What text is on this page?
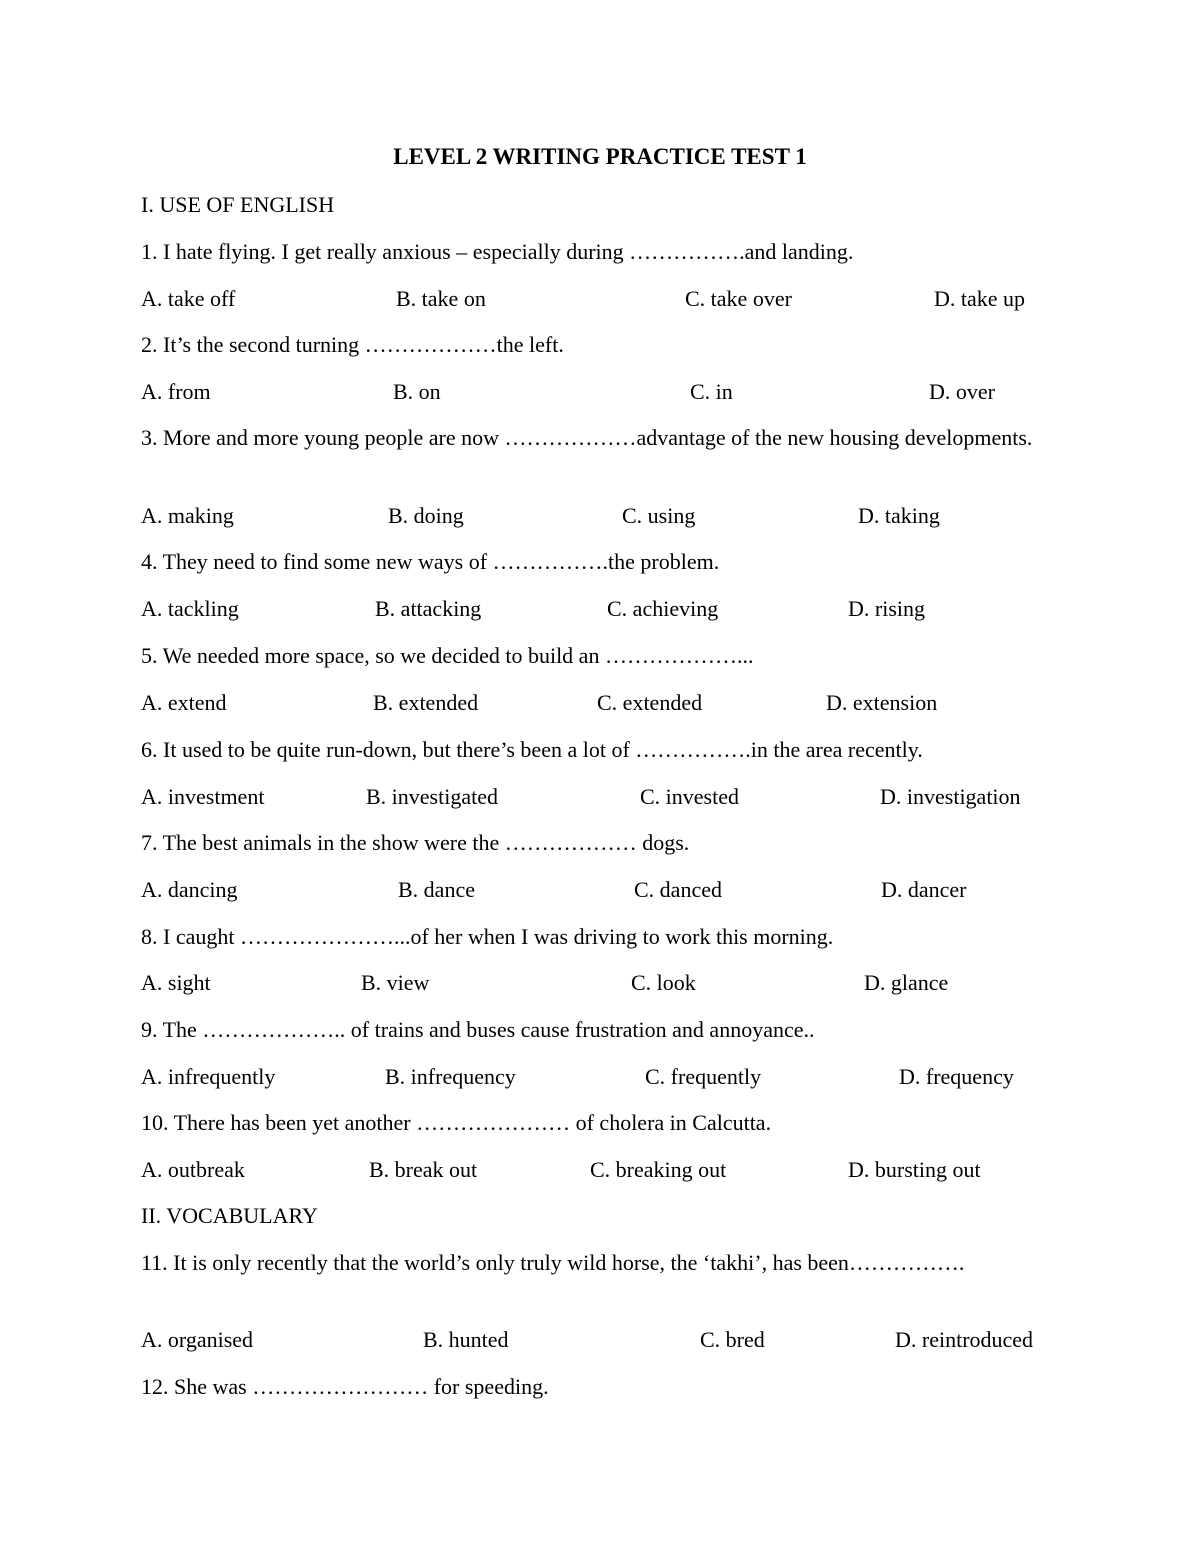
LEVEL 2 WRITING PRACTICE TEST 1
I. USE OF ENGLISH
1. I hate flying. I get really anxious – especially during …………….and landing.
A. take off	B. take on	C. take over	D. take up
2. It’s the second turning ………………the left.
A. from	B. on	C. in	D. over
3. More and more young people are now ………………advantage of the new housing developments.
A. making	B. doing	C. using	D. taking
4. They need to find some new ways of …………….the problem.
A. tackling	B. attacking	C. achieving	D. rising
5. We needed more space, so we decided to build an ………………...
A. extend	B. extended	C. extended	D. extension
6. It used to be quite run-down, but there’s been a lot of …………….in the area recently.
A. investment	B. investigated	C. invested	D. investigation
7. The best animals in the show were the ……………… dogs.
A. dancing	B. dance	C. danced	D. dancer
8. I caught …………………...of her when I was driving to work this morning.
A. sight	B. view	C. look	D. glance
9. The ……………….. of trains and buses cause frustration and annoyance..
A. infrequently	B. infrequency	C. frequently	D. frequency
10. There has been yet another ………………… of cholera in Calcutta.
A. outbreak	B. break out	C. breaking out	D. bursting out
II. VOCABULARY
11. It is only recently that the world’s only truly wild horse, the ‘takhi’, has been…………….
A. organised	B. hunted	C. bred	D. reintroduced
12. She was …………………… for speeding.
